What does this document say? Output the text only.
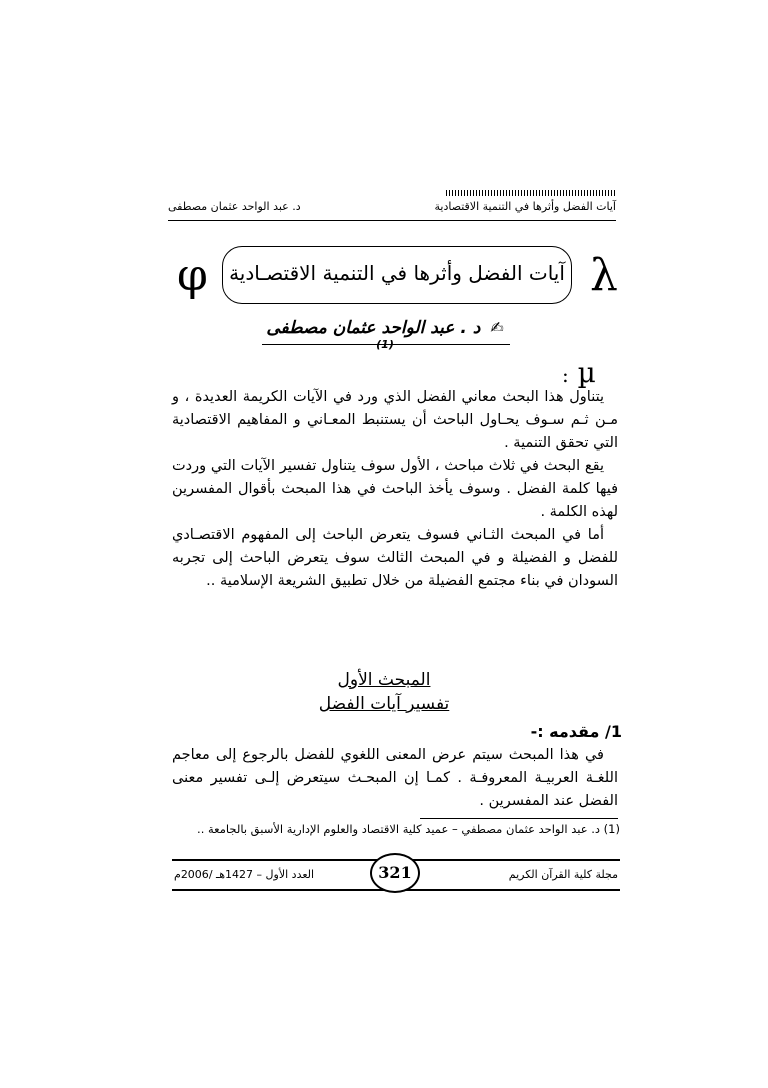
آيات الفضل وأثرها في التنمية الاقتصادية
د. عبد الواحد عثمان مصطفى
φ	آيات الفضل وأثرها في التنمية الاقتصـادية λ
✍ د . عبد الواحد عثمان مصطفى $^{(1)}$
: µ

يتناول هذا البحث معاني الفضل الذي ورد في الآيات الكريمة العديدة ، و مـن ثـم سـوف يحـاول الباحث أن يستنبط المعـاني و المفاهيم الاقتصادية التي تحقق التنمية .

يقع البحث في ثلاث مباحث ، الأول سوف يتناول تفسير الآيات التي وردت فيها كلمة الفضل . وسوف يأخذ الباحث في هذا المبحث بأقوال المفسرين لهذه الكلمة .

أما في المبحث الثـاني فسوف يتعرض الباحث إلى المفهوم الاقتصـادي للفضل و الفضيلة و في المبحث الثالث سوف يتعرض الباحث إلى تجربه السودان في بناء مجتمع الفضيلة من خلال تطبيق الشريعة الإسلامية ..

المبحث الأول
تفسير آيات الفضل
1/ مقدمه :-

في هذا المبحث سيتم عرض المعنى اللغوي للفضل بالرجوع إلى معاجم اللغـة العربيـة المعروفـة . كمـا إن المبحـث سيتعرض إلـى تفسير معنى الفضل عند المفسرين .

(1) د. عبد الواحد عثمان مصطفي – عميد كلية الاقتصاد والعلوم الإدارية الأسبق بالجامعة ..
مجلة كلية القرآن الكريم
321
العدد الأول – 1427هـ /2006م
